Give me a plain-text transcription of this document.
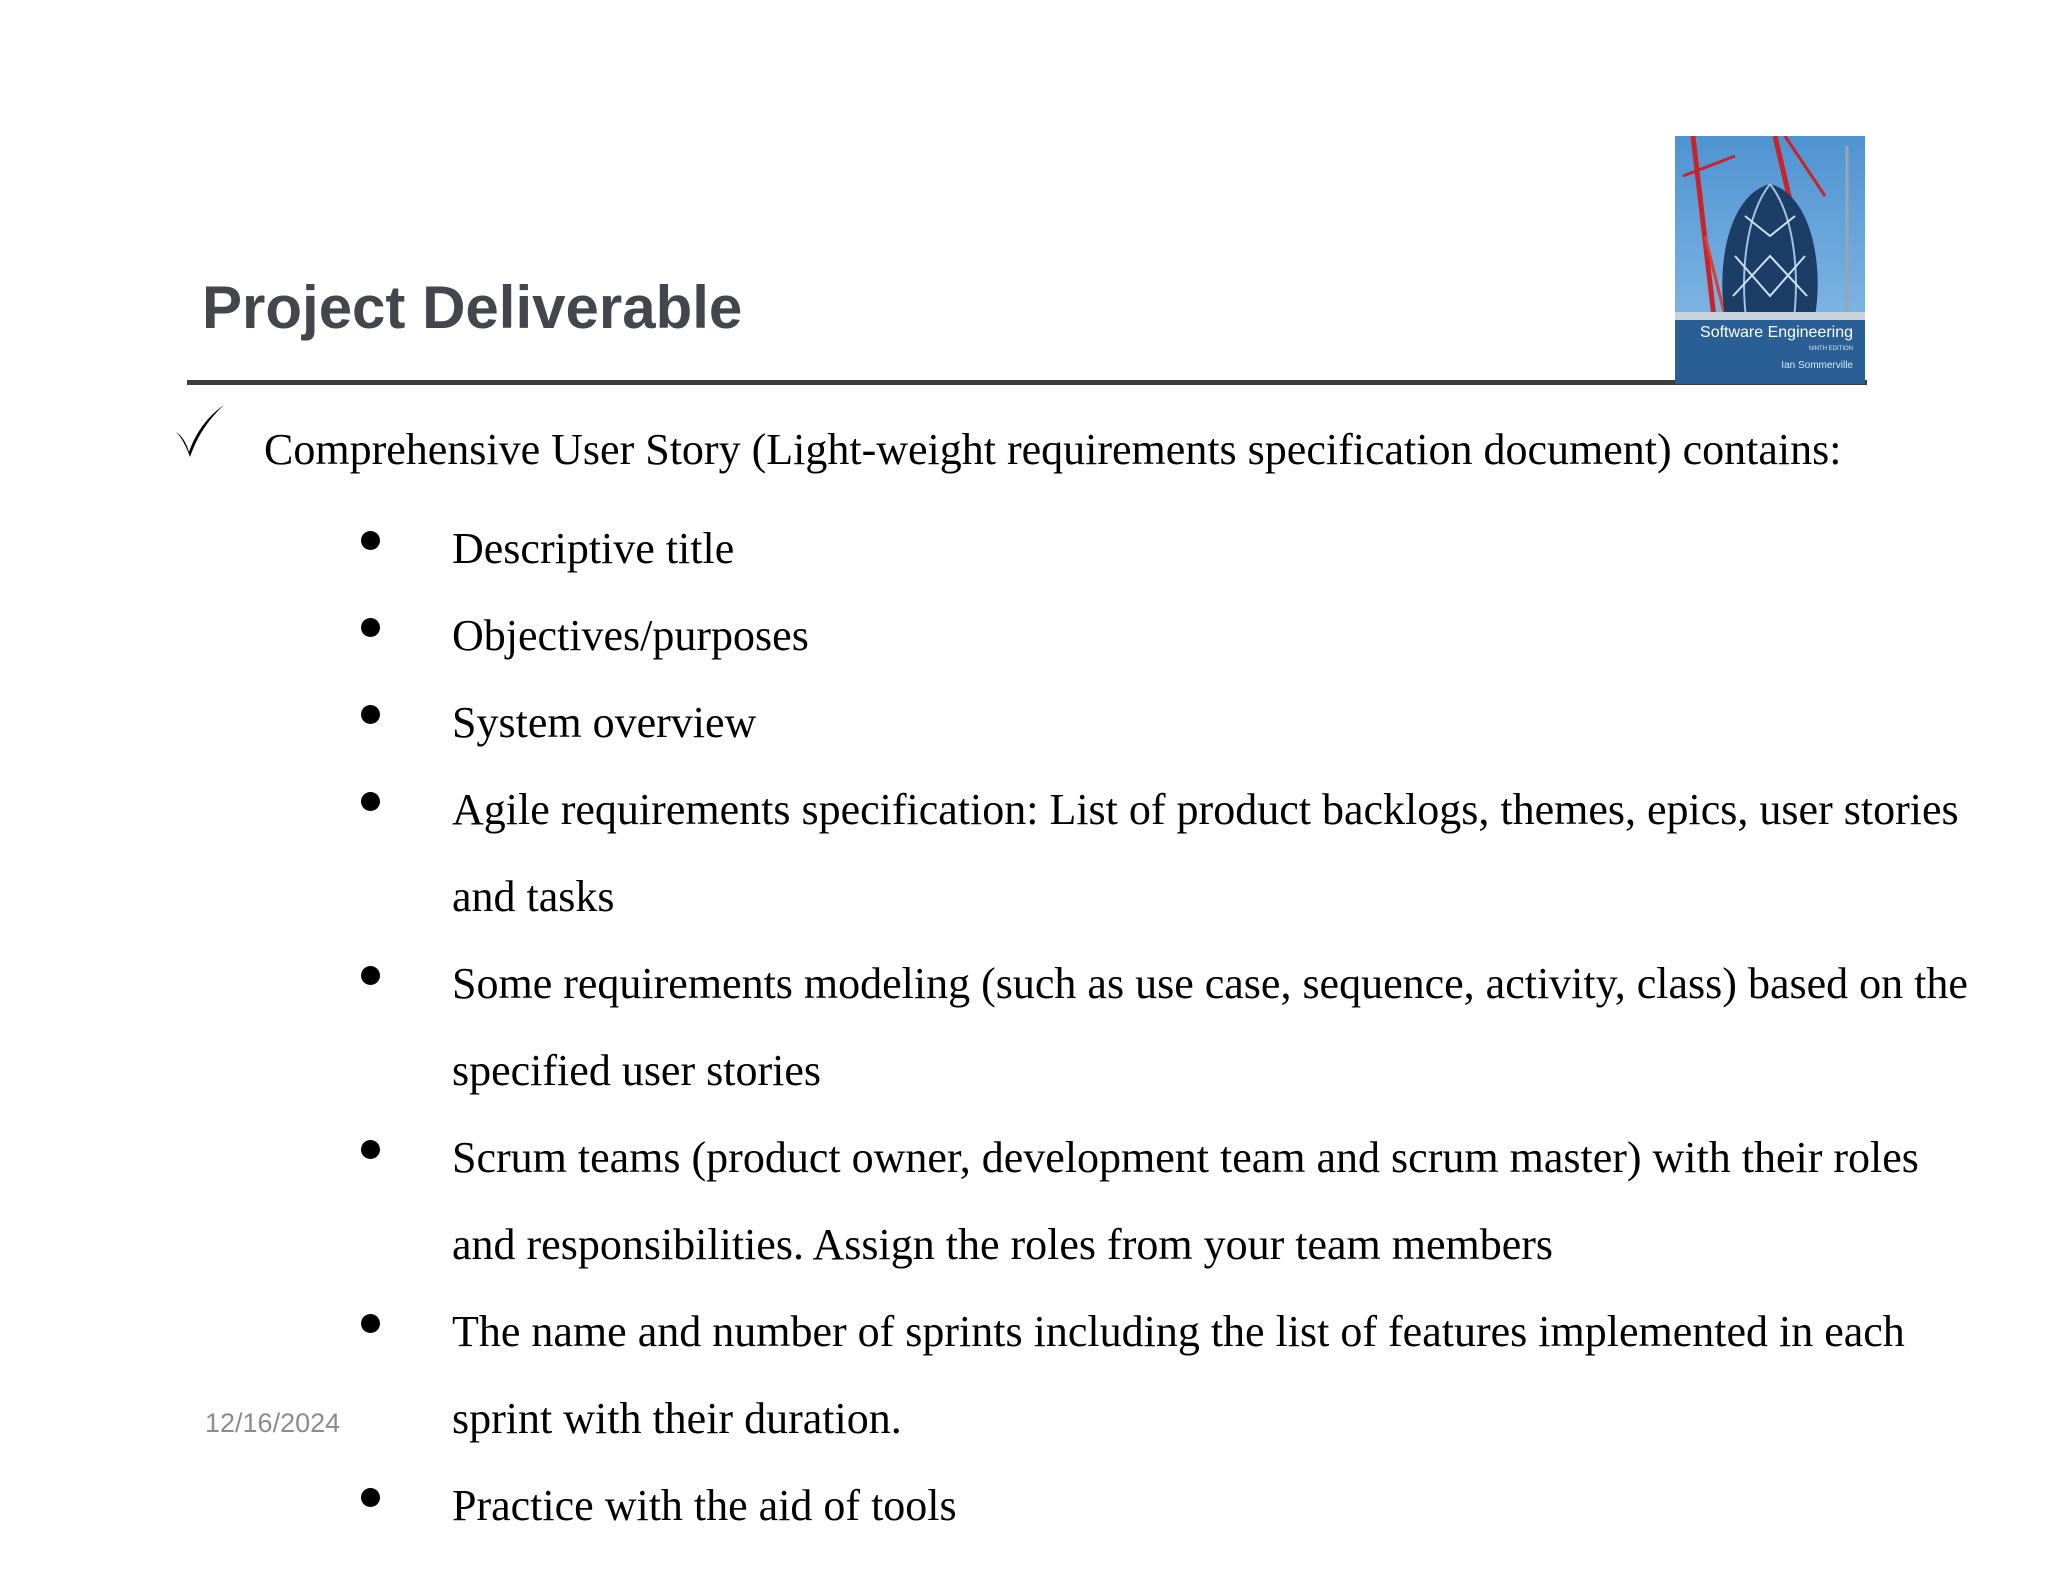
Project Deliverable	Software Engineering
NINTH EDITION
Ian Sommerville
Comprehensive User Story (Light-weight requirements specification document) contains:
Descriptive title
Objectives/purposes
System overview
Agile requirements specification: List of product backlogs, themes, epics, user stories and tasks
Some requirements modeling (such as use case, sequence, activity, class) based on the specified user stories
Scrum teams (product owner, development team and scrum master) with their roles and responsibilities. Assign the roles from your team members
The name and number of sprints including the list of features implemented in each sprint with their duration.
Practice with the aid of tools
12/16/2024
